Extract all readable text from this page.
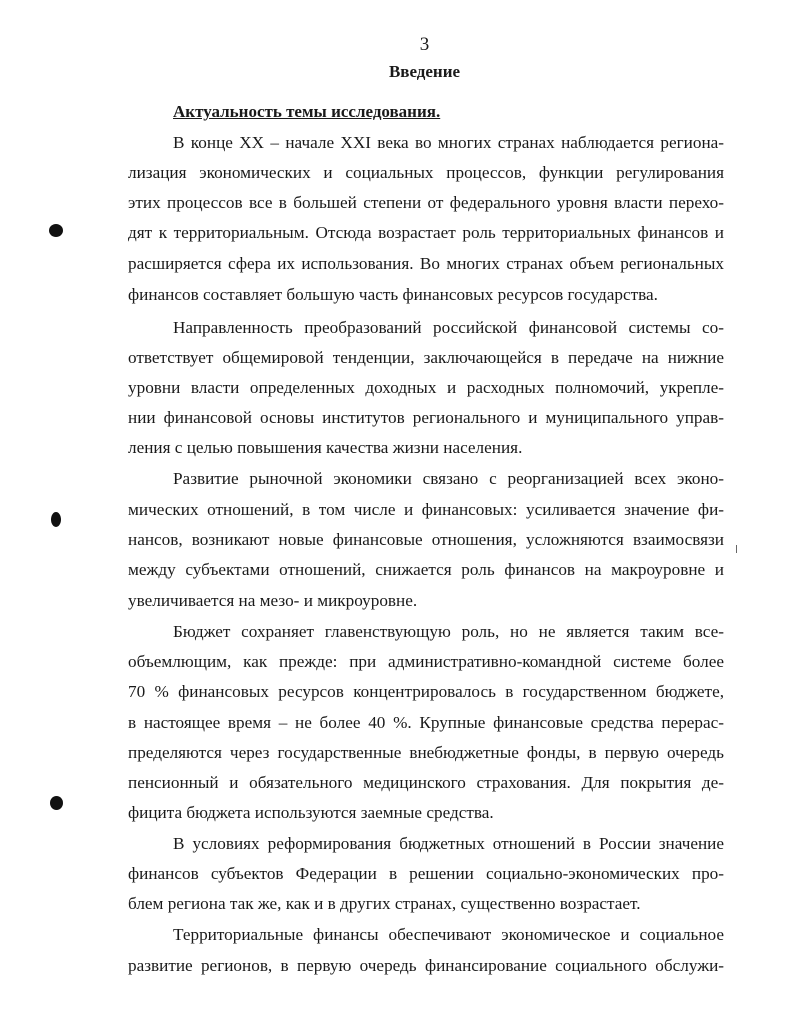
3
Введение
Актуальность темы исследования.
В конце XX – начале XXI века во многих странах наблюдается регионa-
лизация экономических и социальных процессов, функции регулирования
этих процессов все в большей степени от федерального уровня власти перехо-
дят к территориальным. Отсюда возрастает роль территориальных финансов и
расширяется сфера их использования. Во многих странах объем региональных
финансов составляет большую часть финансовых ресурсов государства.
Направленность преобразований российской финансовой системы со-
ответствует общемировой тенденции, заключающейся в передаче на нижние
уровни власти определенных доходных и расходных полномочий, укрепле-
нии финансовой основы институтов регионального и муниципального управ-
ления с целью повышения качества жизни населения.
Развитие рыночной экономики связано с реорганизацией всех эконо-
мических отношений, в том числе и финансовых: усиливается значение фи-
нансов, возникают новые финансовые отношения, усложняются взаимосвязи
между субъектами отношений, снижается роль финансов на макроуровне и
увеличивается на мезо- и микроуровне.
Бюджет сохраняет главенствующую роль, но не является таким все-
объемлющим, как прежде: при административно-командной системе более
70 % финансовых ресурсов концентрировалось в государственном бюджете,
в настоящее время – не более 40 %. Крупные финансовые средства перерас-
пределяются через государственные внебюджетные фонды, в первую очередь
пенсионный и обязательного медицинского страхования. Для покрытия де-
фицита бюджета используются заемные средства.
В условиях реформирования бюджетных отношений в России значение
финансов субъектов Федерации в решении социально-экономических про-
блем региона так же, как и в других странах, существенно возрастает.
Территориальные финансы обеспечивают экономическое и социальное
развитие регионов, в первую очередь финансирование социального обслужи-
